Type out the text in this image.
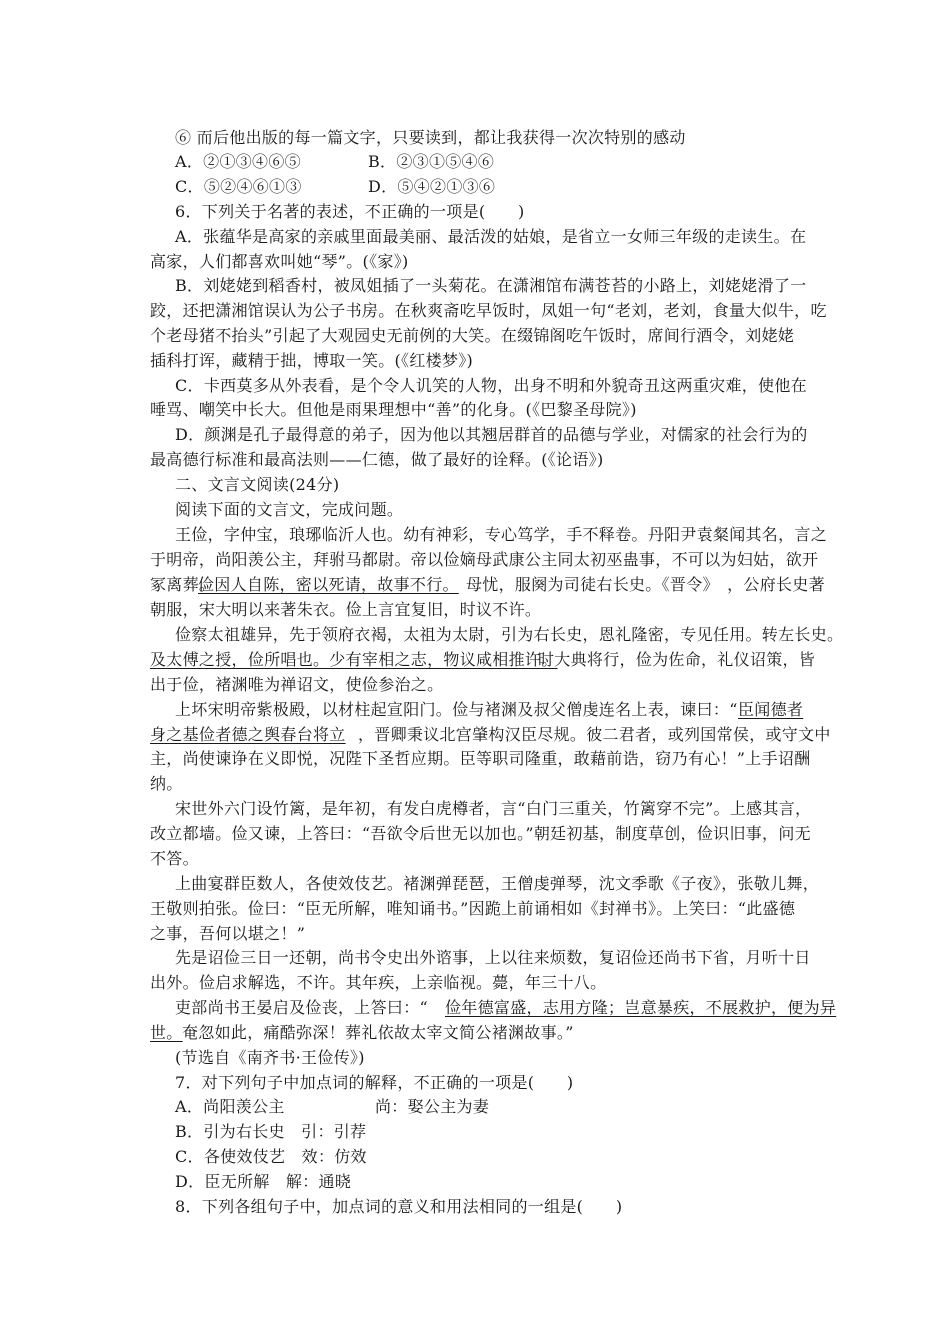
⑥ 而后他出版的每一篇文字，只要读到，都让我获得一次次特别的感动
A．②①③④⑥⑤	B．②③①⑤④⑥
C．⑤②④⑥①③	D．⑤④②①③⑥
6．下列关于名著的表述，不正确的一项是(　　)
A．张蕴华是高家的亲戚里面最美丽、最活泼的姑娘，是省立一女师三年级的走读生。在
高家，人们都喜欢叫她“琴”。(《家》)
B．刘姥姥到稻香村，被凤姐插了一头菊花。在潇湘馆布满苍苔的小路上，刘姥姥滑了一
跤，还把潇湘馆误认为公子书房。在秋爽斋吃早饭时，凤姐一句“老刘，老刘，食量大似牛，吃
个老母猪不抬头”引起了大观园史无前例的大笑。在缀锦阁吃午饭时，席间行酒令，刘姥姥
插科打诨，藏精于拙，博取一笑。(《红楼梦》)
C．卡西莫多从外表看，是个令人讥笑的人物，出身不明和外貌奇丑这两重灾难，使他在
唾骂、嘲笑中长大。但他是雨果理想中“善”的化身。(《巴黎圣母院》)
D．颜渊是孔子最得意的弟子，因为他以其翘居群首的品德与学业，对儒家的社会行为的
最高德行标准和最高法则——仁德，做了最好的诠释。(《论语》)
二、文言文阅读(24分)
阅读下面的文言文，完成问题。
王俭，字仲宝，琅琊临沂人也。幼有神彩，专心笃学，手不释卷。丹阳尹袁粲闻其名，言之
于明帝，尚阳羡公主，拜驸马都尉。帝以俭嫡母武康公主同太初巫蛊事，不可以为妇姑，欲开
冢离葬。
俭因人自陈，密以死请，故事不行。 母忧，服阕为司徒右长史。《晋令》　，公府长史著
朝服，宋大明以来著朱衣。俭上言宜复旧，时议不许。
俭察太祖雄异，先于领府衣褐，太祖为太尉，引为右长史，恩礼隆密，专见任用。转左长史。
及太傅之授，俭所唱也。少有宰相之志，物议咸相推许。
时大典将行，俭为佐命，礼仪诏策，皆
出于俭，褚渊唯为禅诏文，使俭参治之。
上坏宋明帝紫极殿，以材柱起宣阳门。俭与褚渊及叔父僧虔连名上表，谏曰：“ 臣闻德者
身之基俭者德之舆春台将立 ，晋卿秉议北宫肇构汉臣尽规。彼二君者，或列国常侯，或守文中
主，尚使谏诤在义即悦，况陛下圣哲应期。臣等职司隆重，敢藉前诰，窃乃有心！”上手诏酬
纳。
宋世外六门设竹篱，是年初，有发白虎樽者，言“白门三重关，竹篱穿不完”。上感其言，
改立都墙。俭又谏，上答曰：“吾欲令后世无以加也。”朝廷初基，制度草创，俭识旧事，问无
不答。
上曲宴群臣数人，各使效伎艺。褚渊弹琵琶，王僧虔弹琴，沈文季歌《子夜》，张敬儿舞，
王敬则拍张。俭曰：“臣无所解，唯知诵书。”因跪上前诵相如《封禅书》。上笑曰：“此盛德
之事，吾何以堪之！”
先是诏俭三日一还朝，尚书令史出外谘事，上以往来烦数，复诏俭还尚书下省，月听十日
出外。俭启求解选，不许。其年疾，上亲临视。薨，年三十八。
吏部尚书王晏启及俭丧，上答曰：“ 俭年德富盛，志用方隆；岂意暴疾，不展救护，便为异
世。 奄忽如此，痛酷弥深！葬礼依故太宰文简公褚渊故事。”
(节选自《南齐书·王俭传》)
7．对下列句子中加点词的解释，不正确的一项是(　　)
A．尚阳羡公主	尚：娶公主为妻
B．引为右长史　引：引荐
C．各使效伎艺　效：仿效
D．臣无所解　解：通晓
8．下列各组句子中，加点词的意义和用法相同的一组是(　　)
